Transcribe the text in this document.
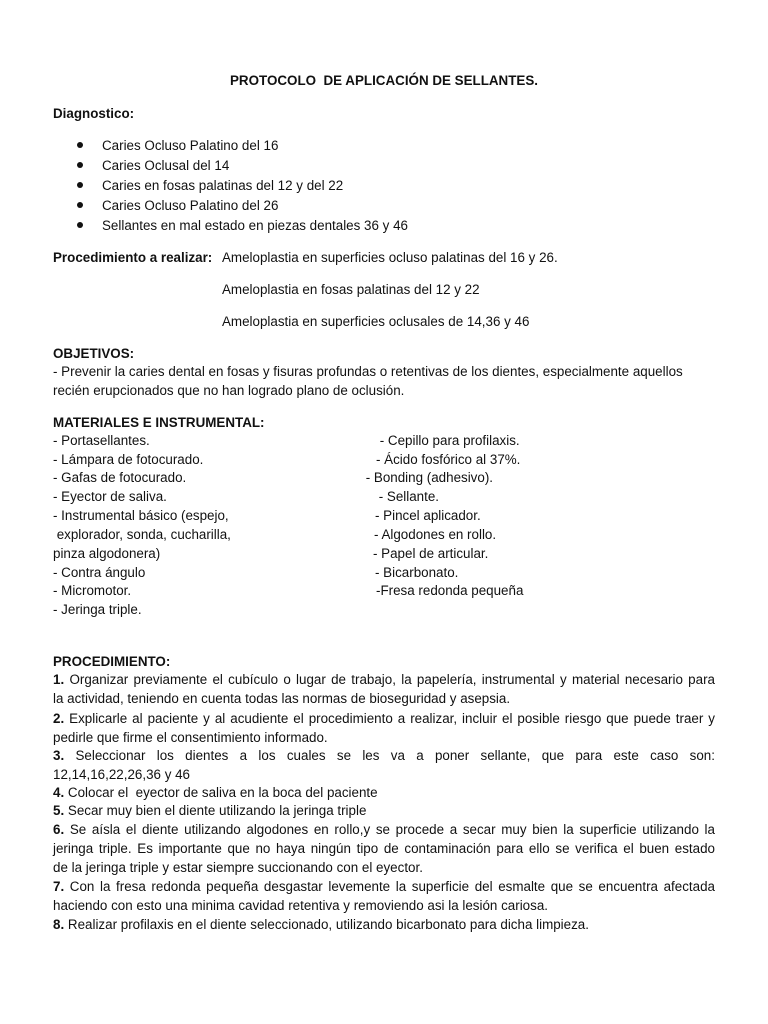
PROTOCOLO  DE APLICACIÓN DE SELLANTES.
Diagnostico:
Caries Ocluso Palatino del 16
Caries Oclusal del 14
Caries en fosas palatinas del 12 y del 22
Caries Ocluso Palatino del 26
Sellantes en mal estado en piezas dentales 36 y 46
Procedimiento a realizar: Ameloplastia en superficies ocluso palatinas del 16 y 26.
Ameloplastia en fosas palatinas del 12 y 22
Ameloplastia en superficies oclusales de 14,36 y 46
OBJETIVOS:
- Prevenir la caries dental en fosas y fisuras profundas o retentivas de los dientes, especialmente aquellos
recién erupcionados que no han logrado plano de oclusión.
MATERIALES E INSTRUMENTAL:
- Portasellantes.
- Lámpara de fotocurado.
- Gafas de fotocurado.
- Eyector de saliva.
- Instrumental básico (espejo,
explorador, sonda, cucharilla,
pinza algodonera)
- Contra ángulo
- Micromotor.
- Jeringa triple.
- Cepillo para profilaxis.
- Ácido fosfórico al 37%.
- Bonding (adhesivo).
- Sellante.
- Pincel aplicador.
- Algodones en rollo.
- Papel de articular.
- Bicarbonato.
-Fresa redonda pequeña
PROCEDIMIENTO:
1. Organizar previamente el cubículo o lugar de trabajo, la papelería, instrumental y material necesario para
la actividad, teniendo en cuenta todas las normas de bioseguridad y asepsia.
2. Explicarle al paciente y al acudiente el procedimiento a realizar, incluir el posible riesgo que puede traer y
pedirle que firme el consentimiento informado.
3. Seleccionar los dientes a los cuales se les va a poner sellante, que para este caso son:
12,14,16,22,26,36 y 46
4. Colocar el  eyector de saliva en la boca del paciente
5. Secar muy bien el diente utilizando la jeringa triple
6. Se aísla el diente utilizando algodones en rollo,y se procede a secar muy bien la superficie utilizando la
jeringa triple. Es importante que no haya ningún tipo de contaminación para ello se verifica el buen estado
de la jeringa triple y estar siempre succionando con el eyector.
7. Con la fresa redonda pequeña desgastar levemente la superficie del esmalte que se encuentra afectada
haciendo con esto una minima cavidad retentiva y removiendo asi la lesión cariosa.
8. Realizar profilaxis en el diente seleccionado, utilizando bicarbonato para dicha limpieza.
